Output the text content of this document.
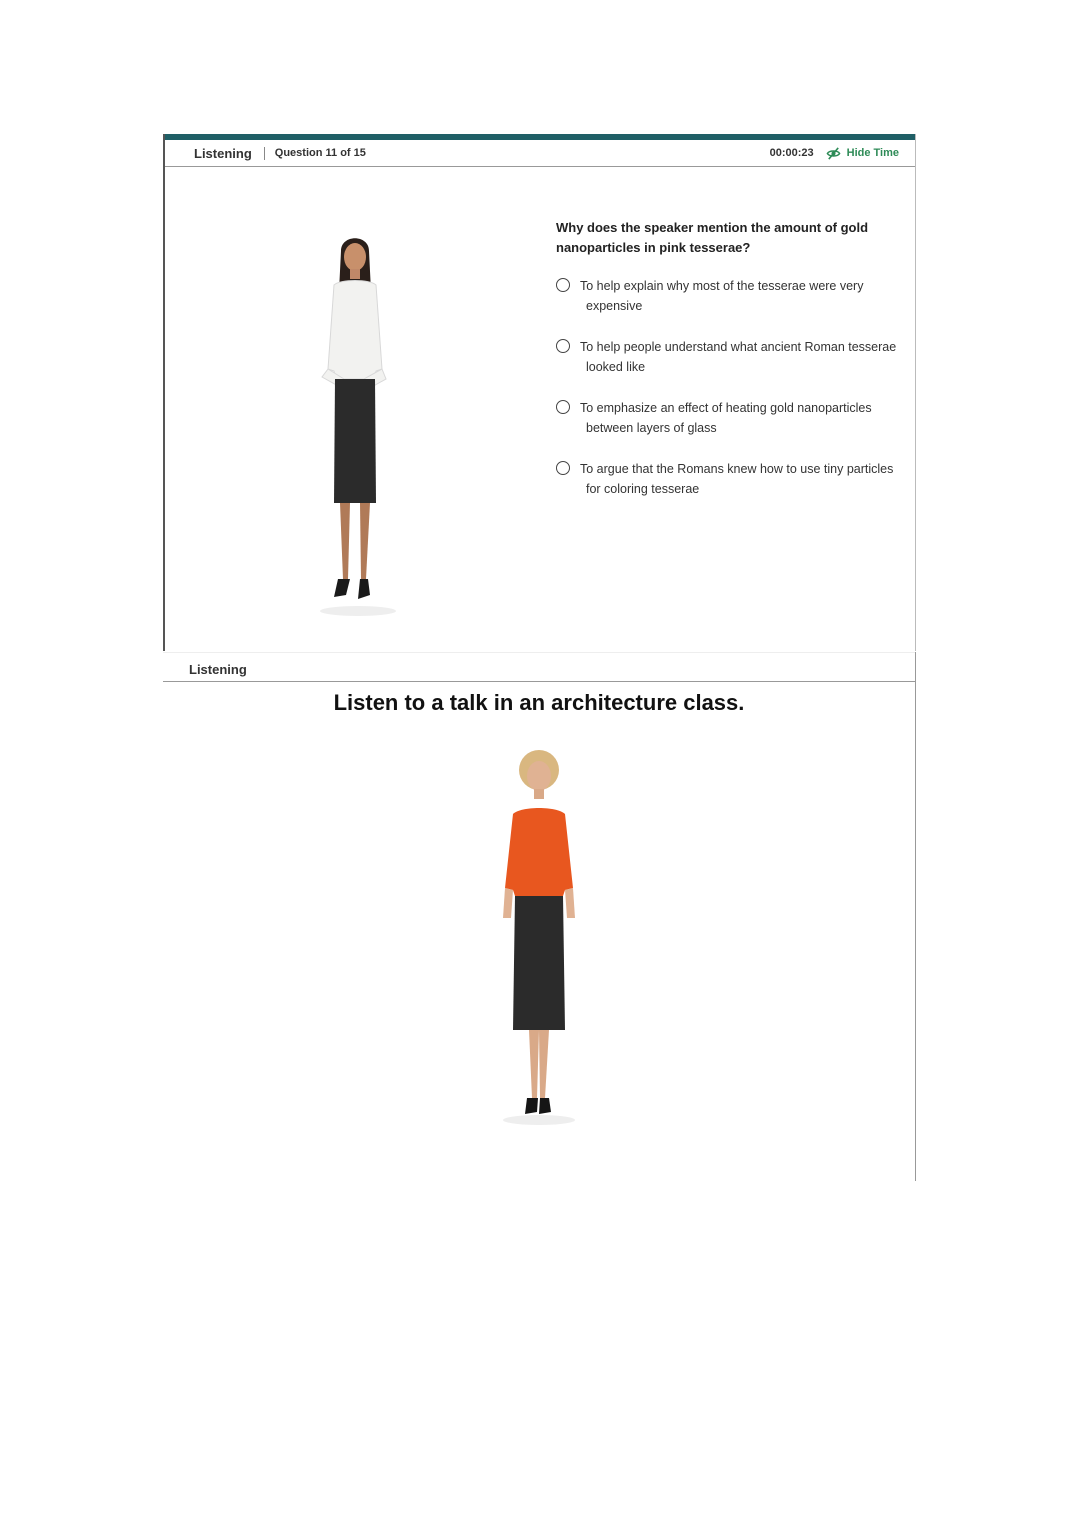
Listening Question 11 of 15	00:00:23	Hide Time

Why does the speaker mention the amount of gold
nanoparticles in pink tesserae?

To help explain why most of the tesserae were very
expensive
To help people understand what ancient Roman tesserae
looked like
To emphasize an effect of heating gold nanoparticles
between layers of glass
To argue that the Romans knew how to use tiny particles
for coloring tesserae
Listening
Listen to a talk in an architecture class.
